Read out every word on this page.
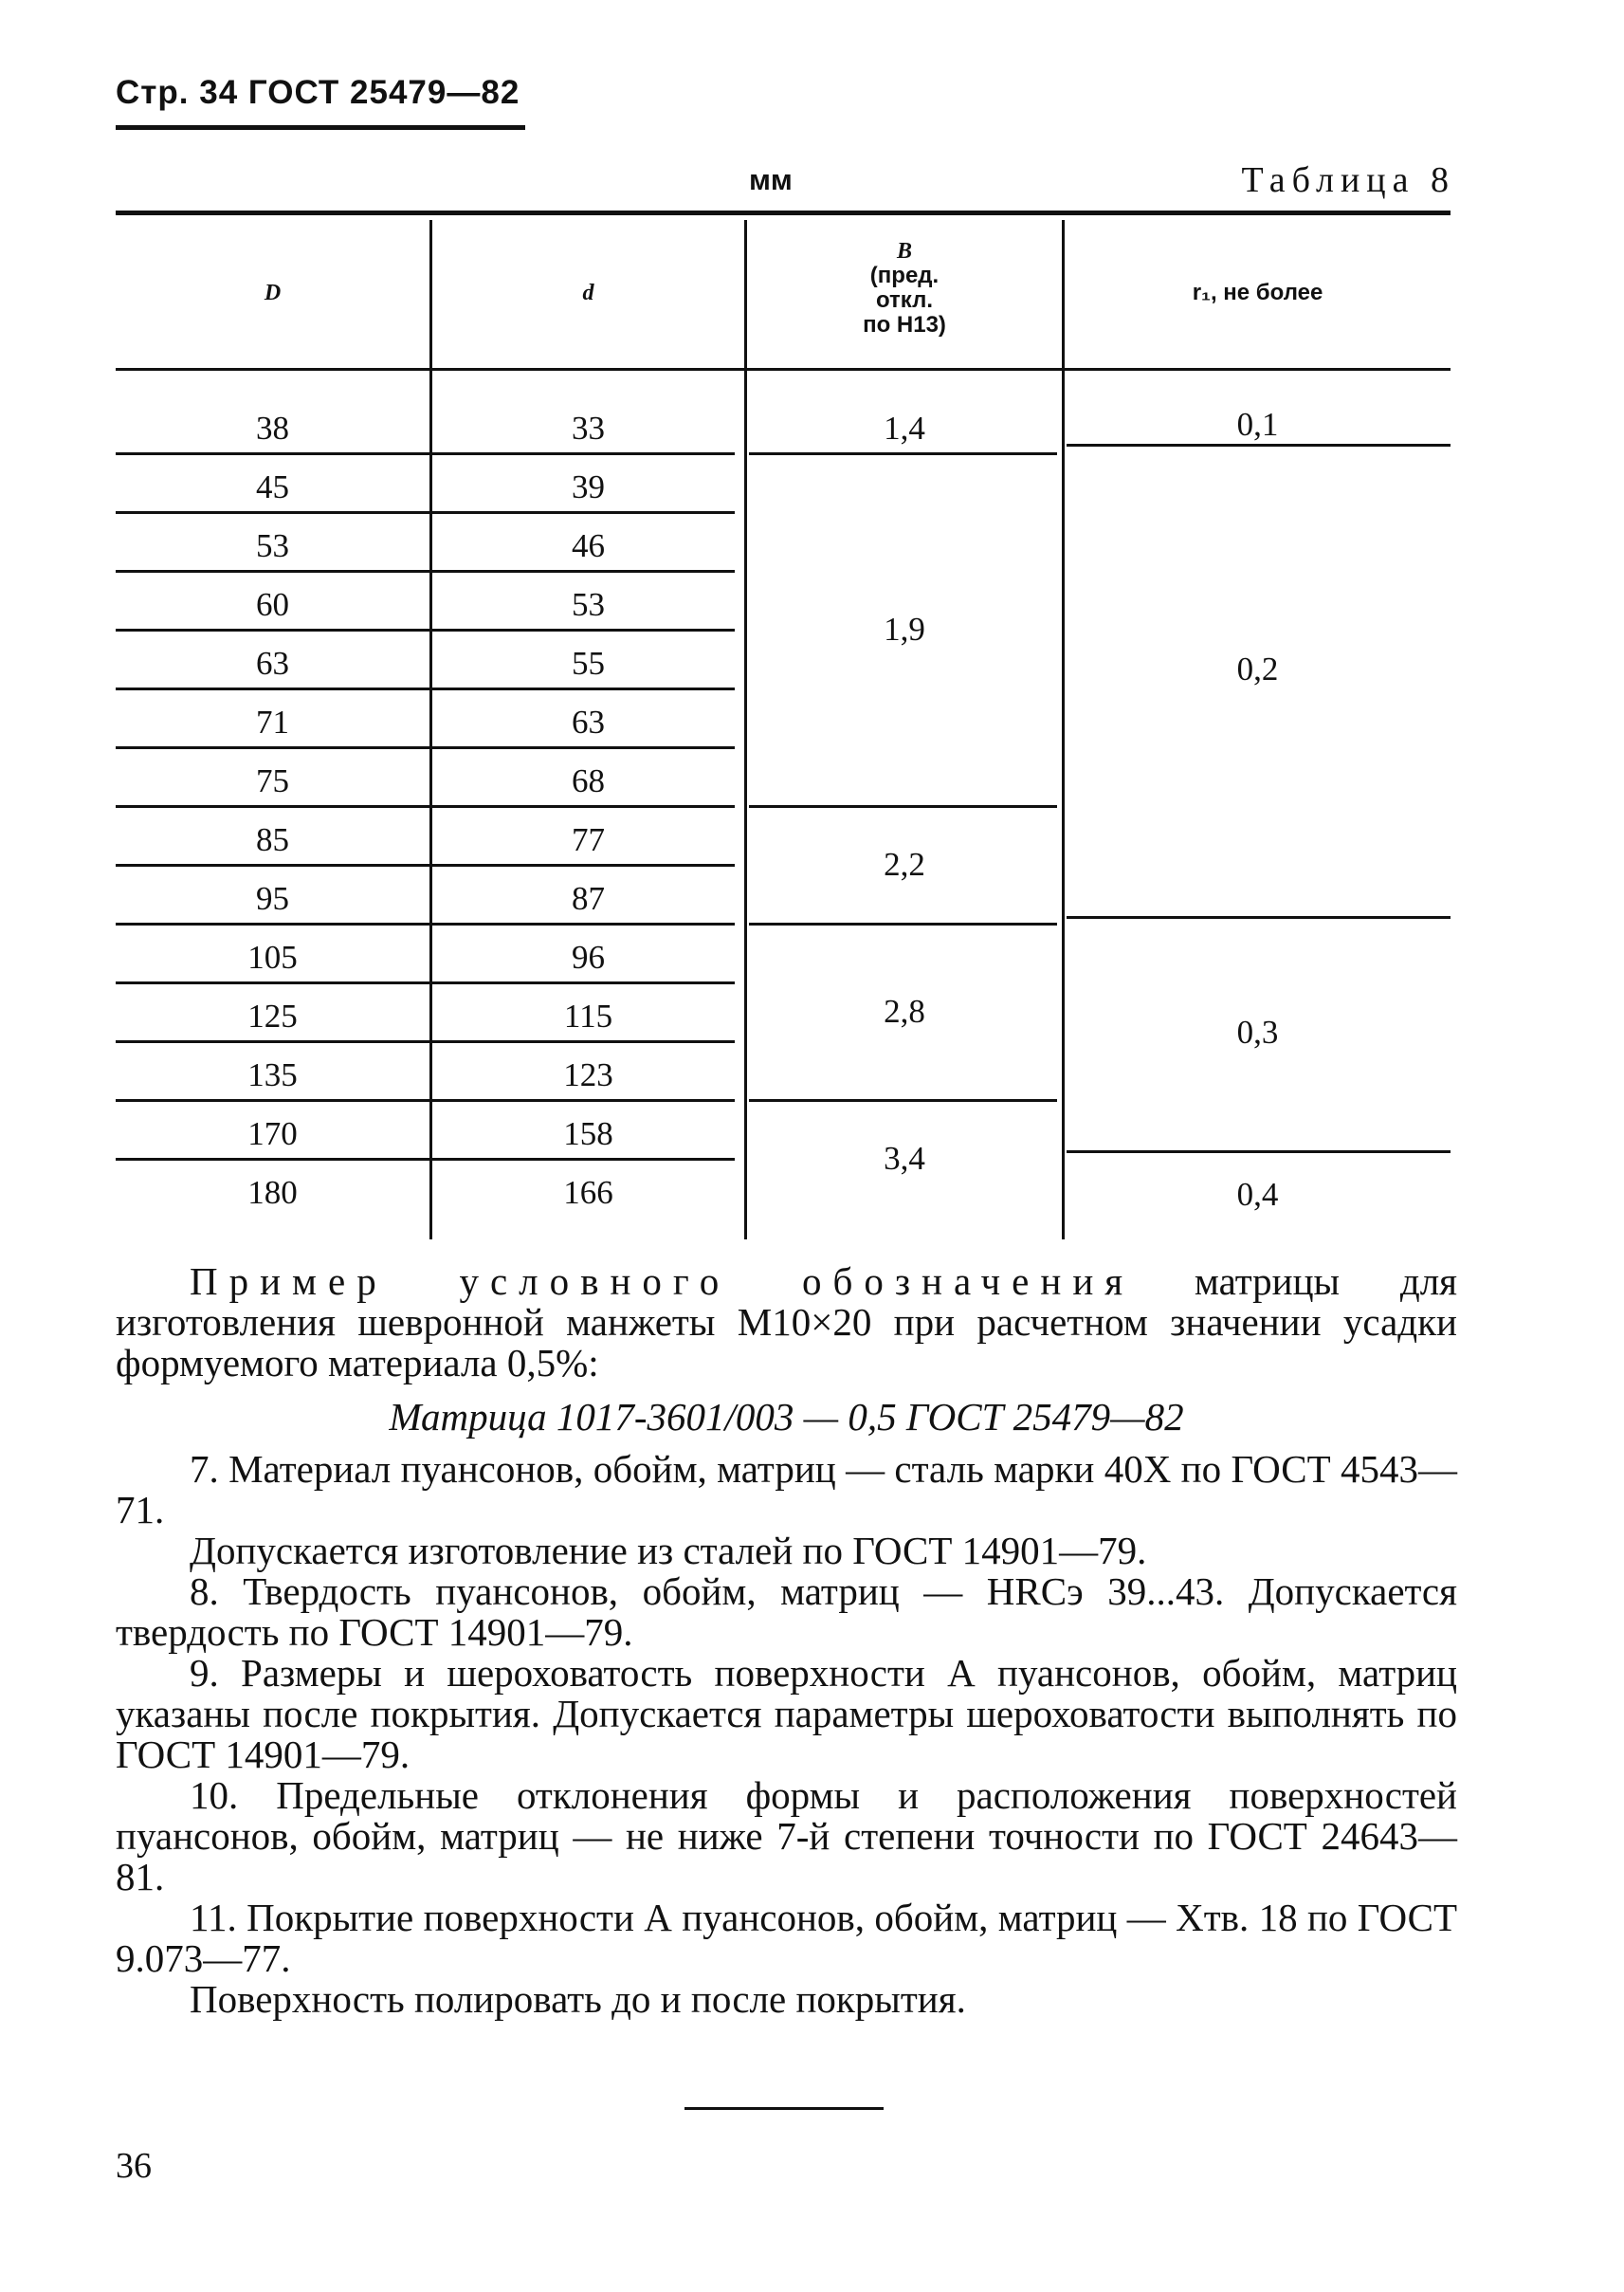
Стр. 34 ГОСТ 25479—82
мм	Таблица 8
D	d
B
(пред.
откл.
по Н13)
r₁, не более
38
45
53
60
63
71
75
85
95
105
125
135
170
180
33
39
46
53
55
63
68
77
87
96
115
123
158
166
1,4
1,9
2,2
2,8
3,4
0,1
0,2
0,3
0,4

Пример условного обозначения матрицы для изготовления шевронной манжеты М10×20 при расчетном значении усадки формуемого материала 0,5%:

Матрица 1017-3601/003 — 0,5 ГОСТ 25479—82

7. Материал пуансонов, обойм, матриц — сталь марки 40Х по ГОСТ 4543—71.

Допускается изготовление из сталей по ГОСТ 14901—79.

8. Твердость пуансонов, обойм, матриц — HRCэ 39...43. Допускается твердость по ГОСТ 14901—79.

9. Размеры и шероховатость поверхности А пуансонов, обойм, матриц указаны после покрытия. Допускается параметры шероховатости выполнять по ГОСТ 14901—79.

10. Предельные отклонения формы и расположения поверхностей пуансонов, обойм, матриц — не ниже 7-й степени точности по ГОСТ 24643—81.

11. Покрытие поверхности А пуансонов, обойм, матриц — Хтв. 18 по ГОСТ 9.073—77.

Поверхность полировать до и после покрытия.

36
